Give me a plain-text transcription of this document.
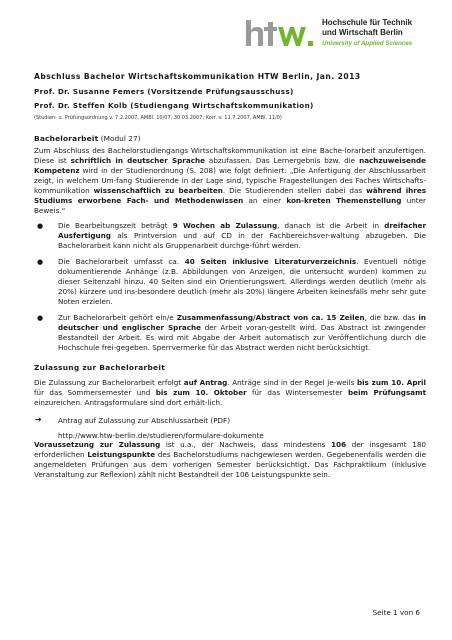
Hochschule für Technik
und Wirtschaft Berlin
University of Applied Sciences
Abschluss Bachelor Wirtschaftskommunikation HTW Berlin, Jan. 2013
Prof. Dr. Susanne Femers (Vorsitzende Prüfungsausschuss)
Prof. Dr. Steffen Kolb (Studiengang Wirtschaftskommunikation)
(Studien- u. Prüfungsordnung v. 7.2.2007, AMBl. 10/07, 30.03.2007; Korr. v. 11.7.2007, AMBl. 11/0)
Bachelorarbeit (Modul 27)

Zum Abschluss des Bachelorstudiengangs Wirtschaftskommunikation ist eine Bache-lorarbeit anzufertigen. Diese ist schriftlich in deutscher Sprache abzufassen. Das Lernergebnis bzw. die nachzuweisende Kompetenz wird in der Studienordnung (S. 208) wie folgt definiert: „Die Anfertigung der Abschlussarbeit zeigt, in welchem Um-fang Studierende in der Lage sind, typische Fragestellungen des Faches Wirtschafts-kommunikation wissenschaftlich zu bearbeiten. Die Studierenden stellen dabei das während ihres Studiums erworbene Fach- und Methodenwissen an einer kon-kreten Themenstellung unter Beweis.“

● Die Bearbeitungszeit beträgt 9 Wochen ab Zulassung, danach ist die Arbeit in dreifacher Ausfertigung als Printversion und auf CD in der Fachbereichsver-waltung abzugeben. Die Bachelorarbeit kann nicht als Gruppenarbeit durchge-führt werden.
● Die Bachelorarbeit umfasst ca. 40 Seiten inklusive Literaturverzeichnis. Eventuell nötige dokumentierende Anhänge (z.B. Abbildungen von Anzeigen, die untersucht wurden) kommen zu dieser Seitenzahl hinzu. 40 Seiten sind ein Orientierungswert. Allerdings werden deutlich (mehr als 20%) kürzere und ins-besondere deutlich (mehr als 20%) längere Arbeiten keinesfalls mehr sehr gute Noten erzielen.
● Zur Bachelorarbeit gehört ein/e Zusammenfassung/Abstract von ca. 15 Zeilen, die bzw. das in deutscher und englischer Sprache der Arbeit voran-gestellt wird. Das Abstract ist zwingender Bestandteil der Arbeit. Es wird mit Abgabe der Arbeit automatisch zur Veröffentlichung durch die Hochschule frei-gegeben. Sperrvermerke für das Abstract werden nicht berücksichtigt.
Zulassung zur Bachelorarbeit

Die Zulassung zur Bachelorarbeit erfolgt auf Antrag. Anträge sind in der Regel je-weils bis zum 10. April für das Sommersemester und bis zum 10. Oktober für das Wintersemester beim Prüfungsamt einzureichen. Antragsformulare sind dort erhält-lich.

➔ Antrag auf Zulassung zur Abschlussarbeit (PDF)
http://www.htw-berlin.de/studieren/formulare-dokumente

Voraussetzung zur Zulassung ist u.a., der Nachweis, dass mindestens 106 der insgesamt 180 erforderlichen Leistungspunkte des Bachelorstudiums nachgewiesen werden. Gegebenenfalls werden die angemeldeten Prüfungen aus dem vorherigen Semester berücksichtigt. Das Fachpraktikum (inklusive Veranstaltung zur Reflexion) zählt nicht Bestandteil der 106 Leistungspunkte sein.

Seite 1 von 6
